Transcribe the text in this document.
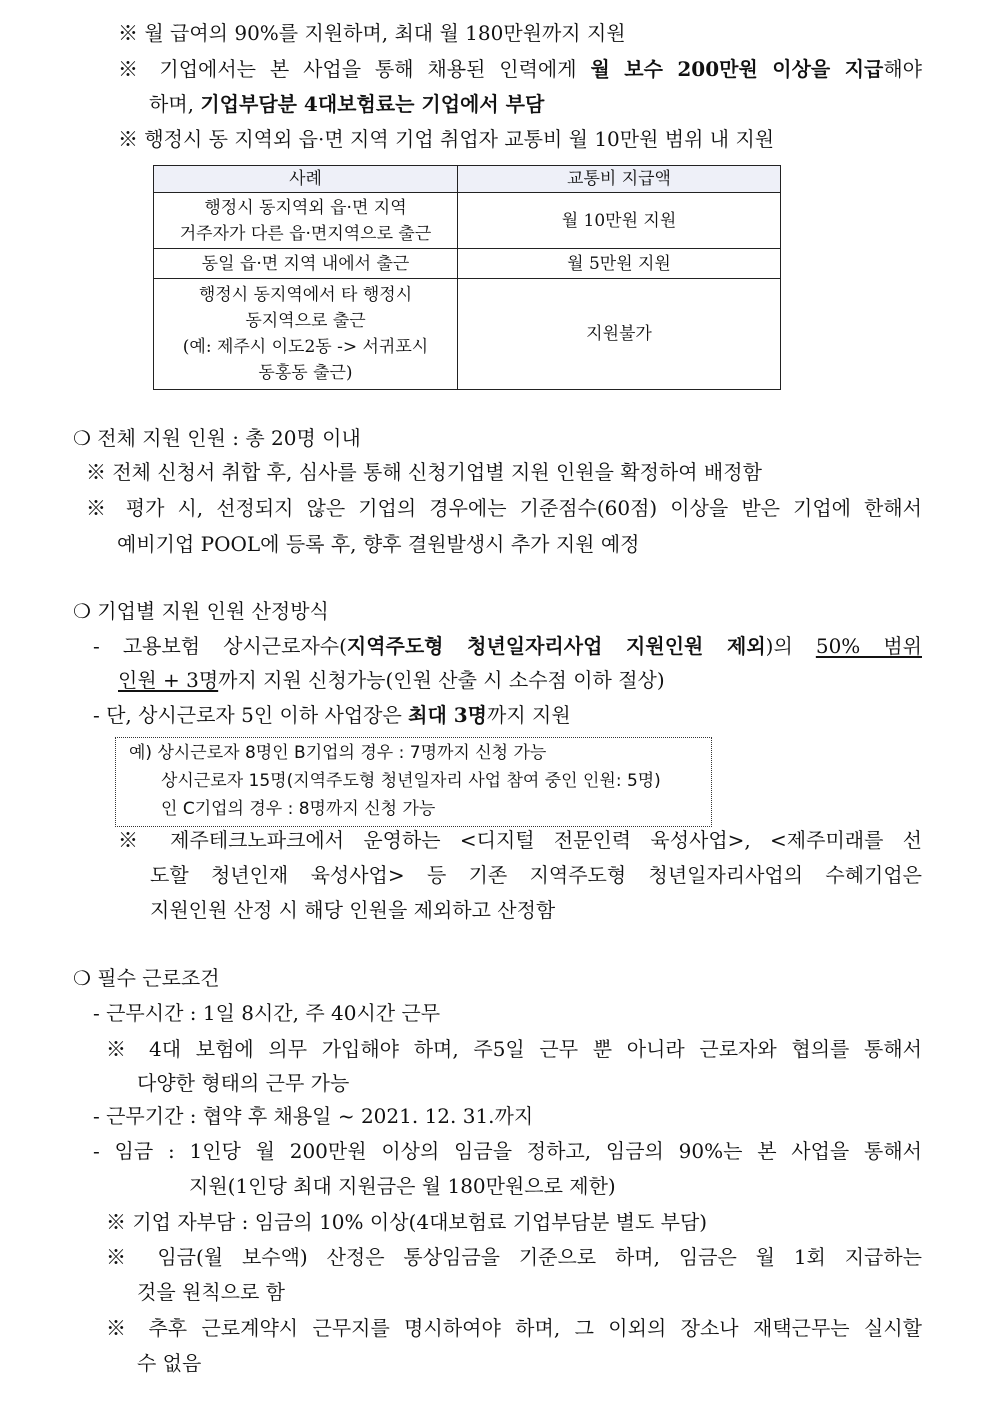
※ 월 급여의 90%를 지원하며, 최대 월 180만원까지 지원
※ 기업에서는 본 사업을 통해 채용된 인력에게 월 보수 200만원 이상을 지급해야
하며, 기업부담분 4대보험료는 기업에서 부담
※ 행정시 동 지역외 읍·면 지역 기업 취업자 교통비 월 10만원 범위 내 지원
사례	교통비 지급액

행정시 동지역외 읍·면 지역
거주자가 다른 읍·면지역으로 출근	월 10만원 지원

동일 읍·면 지역 내에서 출근	월 5만원 지원

행정시 동지역에서 타 행정시
동지역으로 출근
(예: 제주시 이도2동 -> 서귀포시
동홍동 출근)	지원불가
❍ 전체 지원 인원 : 총 20명 이내
※ 전체 신청서 취합 후, 심사를 통해 신청기업별 지원 인원을 확정하여 배정함
※ 평가 시, 선정되지 않은 기업의 경우에는 기준점수(60점) 이상을 받은 기업에 한해서
예비기업 POOL에 등록 후, 향후 결원발생시 추가 지원 예정
❍ 기업별 지원 인원 산정방식
- 고용보험 상시근로자수(지역주도형 청년일자리사업 지원인원 제외)의 50% 범위
인원 + 3명까지 지원 신청가능(인원 산출 시 소수점 이하 절상)
- 단, 상시근로자 5인 이하 사업장은 최대 3명까지 지원
예) 상시근로자 8명인 B기업의 경우 : 7명까지 신청 가능
상시근로자 15명(지역주도형 청년일자리 사업 참여 중인 인원: 5명)
인 C기업의 경우 : 8명까지 신청 가능
※ 제주테크노파크에서 운영하는 <디지털 전문인력 육성사업>, <제주미래를 선
도할 청년인재 육성사업> 등 기존 지역주도형 청년일자리사업의 수혜기업은
지원인원 산정 시 해당 인원을 제외하고 산정함
❍ 필수 근로조건
- 근무시간 : 1일 8시간, 주 40시간 근무
※ 4대 보험에 의무 가입해야 하며, 주5일 근무 뿐 아니라 근로자와 협의를 통해서
다양한 형태의 근무 가능
- 근무기간 : 협약 후 채용일 ~ 2021. 12. 31.까지
- 임금 : 1인당 월 200만원 이상의 임금을 정하고, 임금의 90%는 본 사업을 통해서
지원(1인당 최대 지원금은 월 180만원으로 제한)
※ 기업 자부담 : 임금의 10% 이상(4대보험료 기업부담분 별도 부담)
※ 임금(월 보수액) 산정은 통상임금을 기준으로 하며, 임금은 월 1회 지급하는
것을 원칙으로 함
※ 추후 근로계약시 근무지를 명시하여야 하며, 그 이외의 장소나 재택근무는 실시할
수 없음
